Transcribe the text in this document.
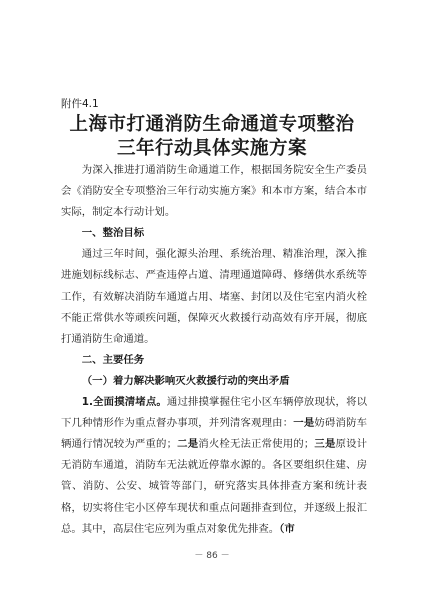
附件4.1
上海市打通消防生命通道专项整治
三年行动具体实施方案

为深入推进打通消防生命通道工作，根据国务院安全生产委员会《消防安全专项整治三年行动实施方案》和本市方案，结合本市实际，制定本行动计划。

一、整治目标

通过三年时间，强化源头治理、系统治理、精准治理，深入推进施划标线标志、严查违停占道、清理通道障碍、修缮供水系统等工作，有效解决消防车通道占用、堵塞、封闭以及住宅室内消火栓不能正常供水等顽疾问题，保障灭火救援行动高效有序开展，彻底打通消防生命通道。

二、主要任务

（一）着力解决影响灭火救援行动的突出矛盾

1.全面摸清堵点。通过排摸掌握住宅小区车辆停放现状，将以下几种情形作为重点督办事项，并列清客观理由：一是妨碍消防车辆通行情况较为严重的；二是消火栓无法正常使用的；三是原设计无消防车通道，消防车无法就近停靠水源的。各区要组织住建、房管、消防、公安、城管等部门，研究落实具体排查方案和统计表格，切实将住宅小区停车现状和重点问题排查到位，并逐级上报汇总。其中，高层住宅应列为重点对象优先排查。（市

－ 86 －
